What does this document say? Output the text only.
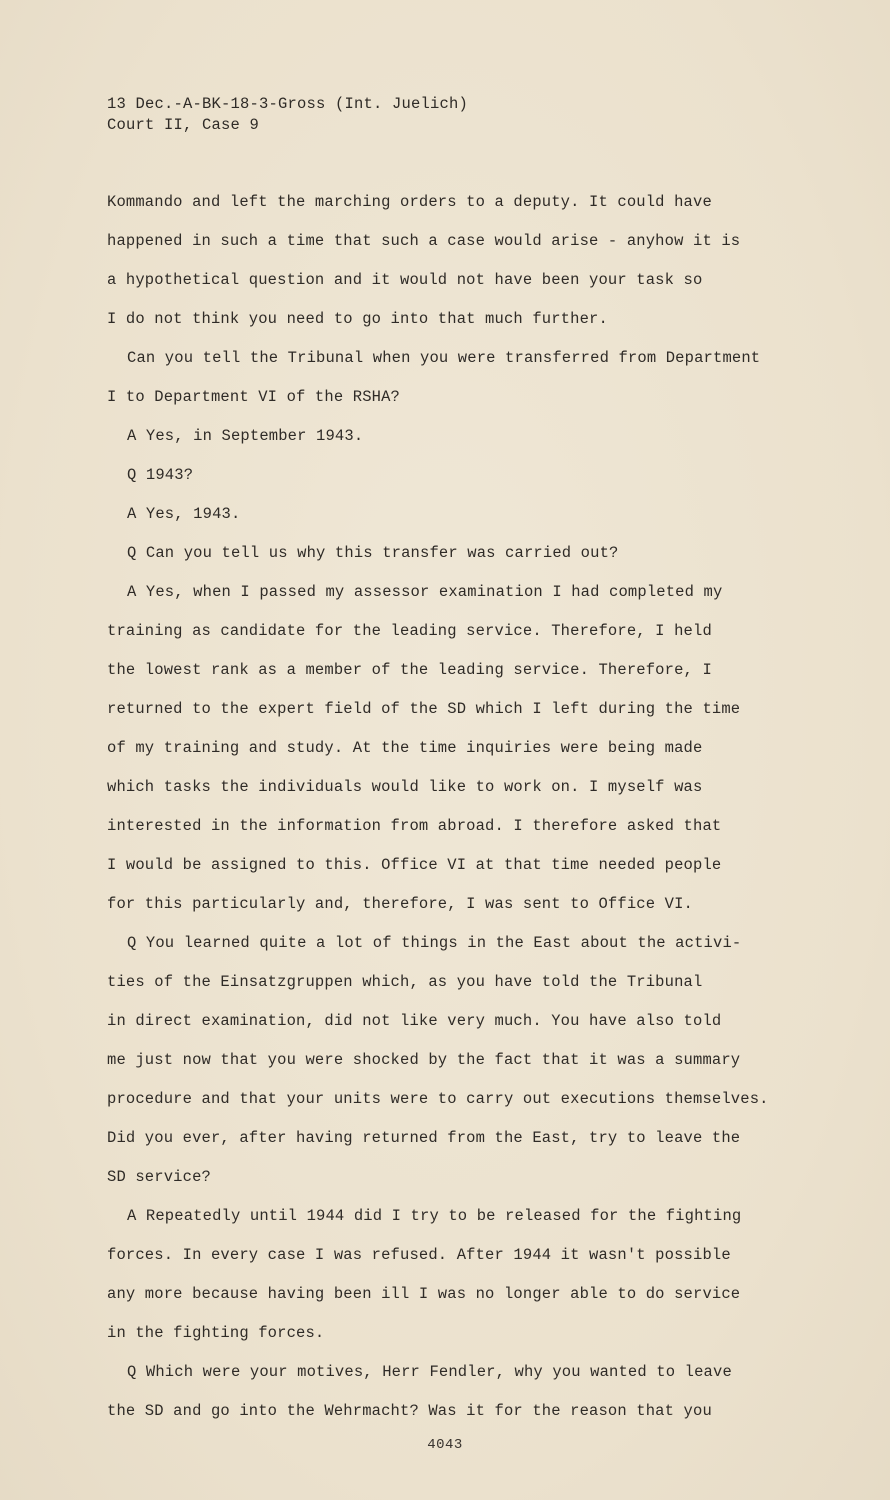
13 Dec.-A-BK-18-3-Gross (Int. Juelich)
Court II, Case 9
Kommando and left the marching orders to a deputy. It could have
happened in such a time that such a case would arise - anyhow it is
a hypothetical question and it would not have been your task so
I do not think you need to go into that much further.
Can you tell the Tribunal when you were transferred from Department
I to Department VI of the RSHA?
A Yes, in September 1943.
Q 1943?
A Yes, 1943.
Q Can you tell us why this transfer was carried out?
A Yes, when I passed my assessor examination I had completed my
training as candidate for the leading service. Therefore, I held
the lowest rank as a member of the leading service. Therefore, I
returned to the expert field of the SD which I left during the time
of my training and study. At the time inquiries were being made
which tasks the individuals would like to work on. I myself was
interested in the information from abroad. I therefore asked that
I would be assigned to this. Office VI at that time needed people
for this particularly and, therefore, I was sent to Office VI.
Q You learned quite a lot of things in the East about the activi-
ties of the Einsatzgruppen which, as you have told the Tribunal
in direct examination, did not like very much. You have also told
me just now that you were shocked by the fact that it was a summary
procedure and that your units were to carry out executions themselves.
Did you ever, after having returned from the East, try to leave the
SD service?
A Repeatedly until 1944 did I try to be released for the fighting
forces. In every case I was refused. After 1944 it wasn't possible
any more because having been ill I was no longer able to do service
in the fighting forces.
Q Which were your motives, Herr Fendler, why you wanted to leave
the SD and go into the Wehrmacht? Was it for the reason that you
4043
